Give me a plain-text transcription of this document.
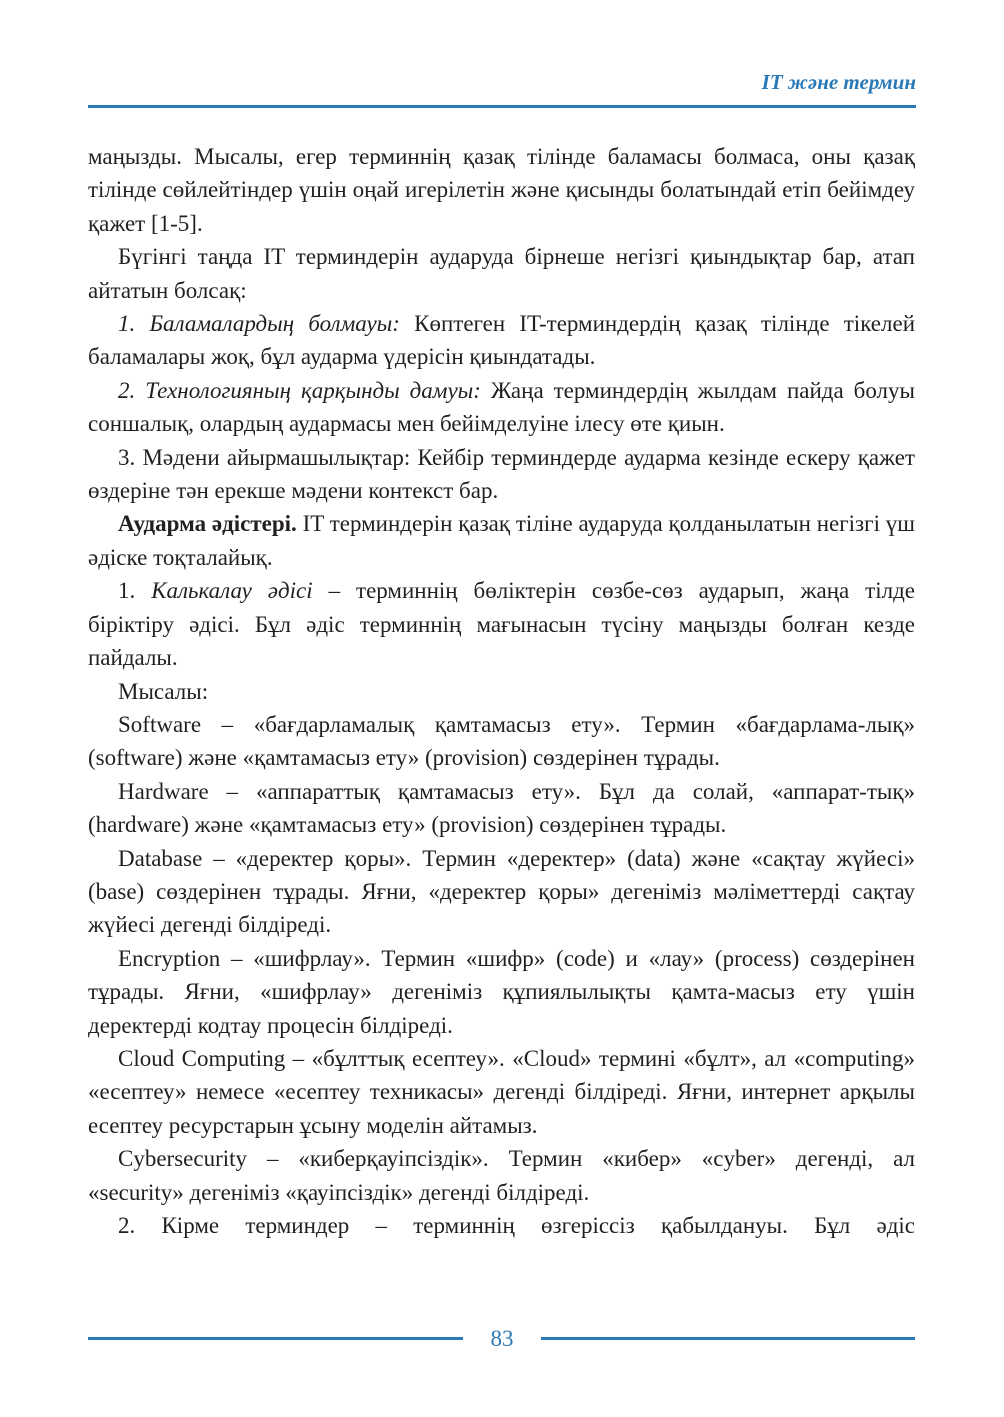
IT және термин

маңызды. Мысалы, егер терминнің қазақ тілінде баламасы болмаса, оны қазақ тілінде сөйлейтіндер үшін оңай игерілетін және қисынды болатындай етіп бейімдеу қажет [1-5].

Бүгінгі таңда IT терминдерін аударуда бірнеше негізгі қиындықтар бар, атап айтатын болсақ:

1. Баламалардың болмауы: Көптеген IT-терминдердің қазақ тілінде тікелей баламалары жоқ, бұл аударма үдерісін қиындатады.

2. Технологияның қарқынды дамуы: Жаңа терминдердің жылдам пайда болуы соншалық, олардың аудармасы мен бейімделуіне ілесу өте қиын.

3. Мәдени айырмашылықтар: Кейбір терминдерде аударма кезінде ескеру қажет өздеріне тән ерекше мәдени контекст бар.

Аударма әдістері. IT терминдерін қазақ тіліне аударуда қолданылатын негізгі үш әдіске тоқталайық.

1. Калькалау әдісі – терминнің бөліктерін сөзбе-сөз аударып, жаңа тілде біріктіру әдісі. Бұл әдіс терминнің мағынасын түсіну маңызды болған кезде пайдалы.

Мысалы:

Software – «бағдарламалық қамтамасыз ету». Термин «бағдарлама-лық» (software) және «қамтамасыз ету» (provision) сөздерінен тұрады.

Hardware – «аппараттық қамтамасыз ету». Бұл да солай, «аппарат-тық» (hardware) және «қамтамасыз ету» (provision) сөздерінен тұрады.

Database – «деректер қоры». Термин «деректер» (data) және «сақтау жүйесі» (base) сөздерінен тұрады. Яғни, «деректер қоры» дегеніміз мәліметтерді сақтау жүйесі дегенді білдіреді.

Encryption – «шифрлау». Термин «шифр» (code) и «лау» (process) сөздерінен тұрады. Яғни, «шифрлау» дегеніміз құпиялылықты қамта-масыз ету үшін деректерді кодтау процесін білдіреді.

Cloud Computing – «бұлттық есептеу». «Cloud» термині «бұлт», ал «computing» «есептеу» немесе «есептеу техникасы» дегенді білдіреді. Яғни, интернет арқылы есептеу ресурстарын ұсыну моделін айтамыз.

Cybersecurity – «киберқауіпсіздік». Термин «кибер» «cyber» дегенді, ал «security» дегеніміз «қауіпсіздік» дегенді білдіреді.

2. Кірме терминдер – терминнің өзгеріссіз қабылдануы. Бұл әдіс

83
